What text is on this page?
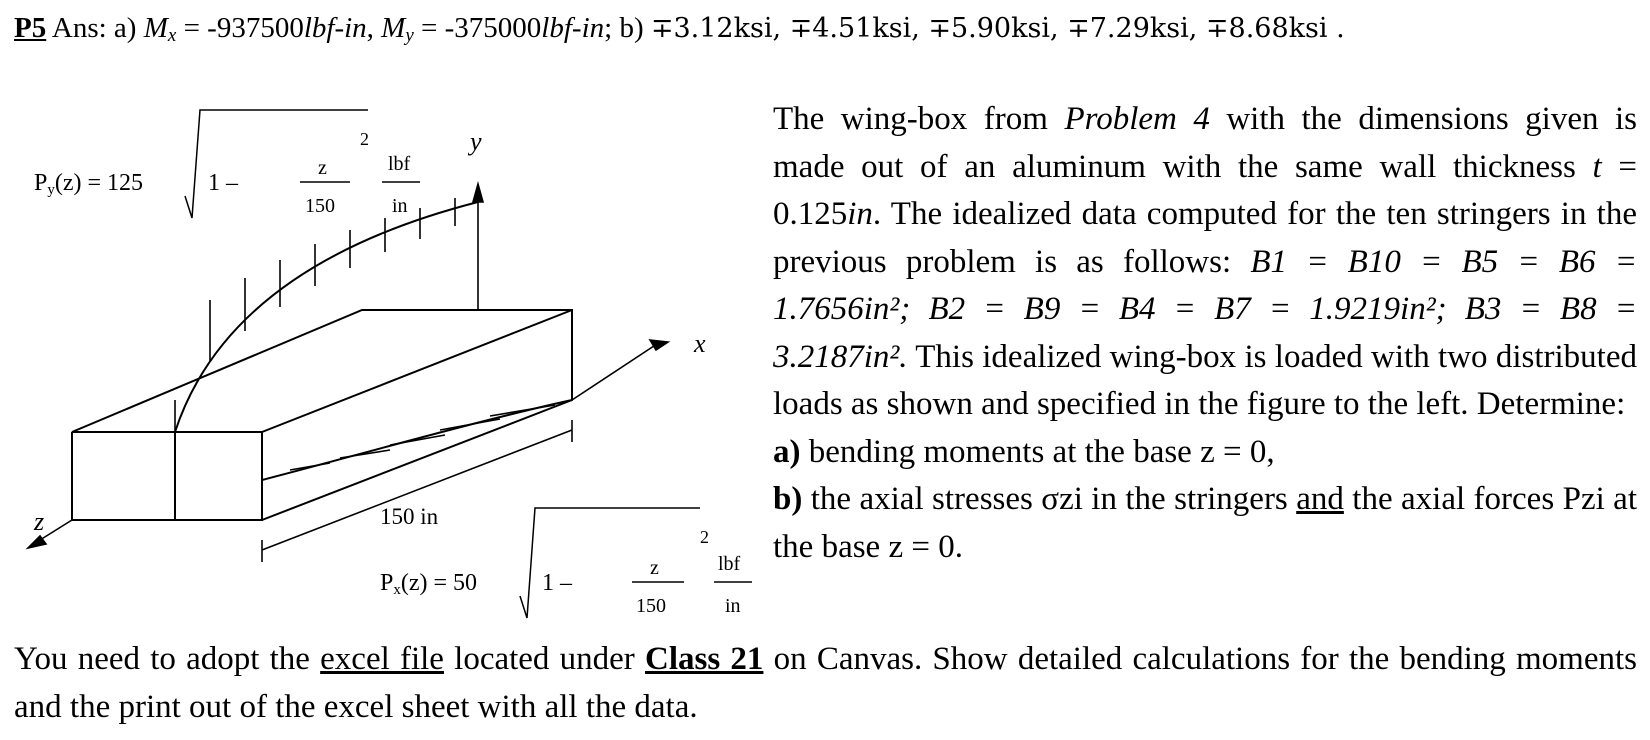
P5 Ans: a) $M_x = -937500lbf-in$, $M_y = -375000lbf-in$; b) ∓3.12ksi, ∓4.51ksi, ∓5.90ksi, ∓7.29ksi, ∓8.68ksi .
Py(z) = 125	1 –
z
150
2
lbf
in
y
x
z	150 in
Px(z) = 50	1 –
z
150
2
lbf
in

The wing-box from Problem 4 with the dimensions given is made out of an aluminum with the same wall thickness t = 0.125in. The idealized data computed for the ten stringers in the previous problem is as follows: B1 = B10 = B5 = B6 = 1.7656in²; B2 = B9 = B4 = B7 = 1.9219in²; B3 = B8 = 3.2187in². This idealized wing-box is loaded with two distributed loads as shown and specified in the figure to the left. Determine:

a) bending moments at the base z = 0,

b) the axial stresses σzi in the stringers and the axial forces Pzi at the base z = 0.

You need to adopt the excel file located under Class 21 on Canvas. Show detailed calculations for the bending moments and the print out of the excel sheet with all the data.
